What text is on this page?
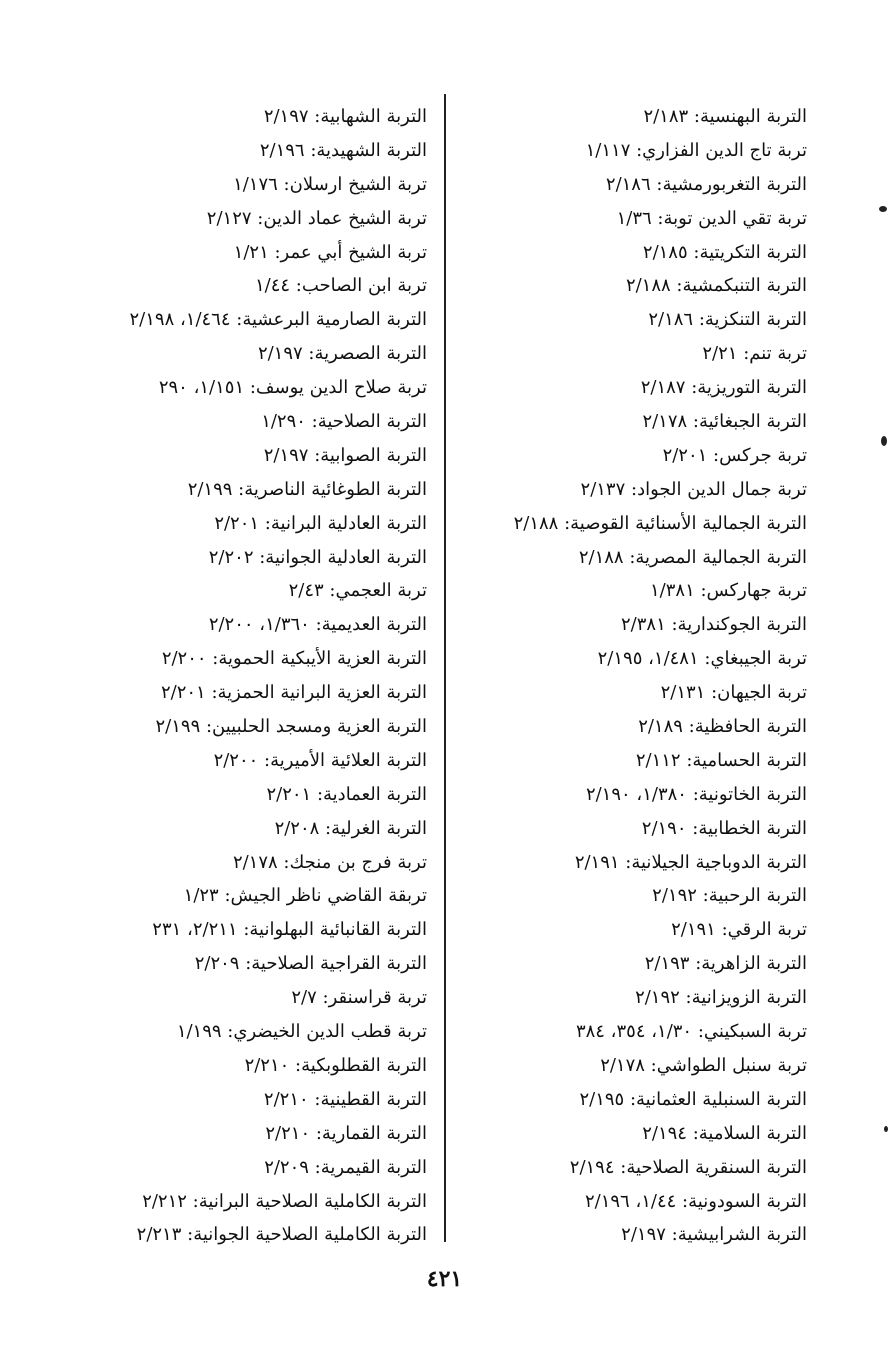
التربة البهنسية: ٢/١٨٣
تربة تاج الدين الفزاري: ١/١١٧
التربة التغربورمشية: ٢/١٨٦
تربة تقي الدين توبة: ١/٣٦
التربة التكريتية: ٢/١٨٥
التربة التنبكمشية: ٢/١٨٨
التربة التنكزية: ٢/١٨٦
تربة تنم: ٢/٢١
التربة التوريزية: ٢/١٨٧
التربة الجبغائية: ٢/١٧٨
تربة جركس: ٢/٢٠١
تربة جمال الدين الجواد: ٢/١٣٧
التربة الجمالية الأسنائية القوصية: ٢/١٨٨
التربة الجمالية المصرية: ٢/١٨٨
تربة جهاركس: ١/٣٨١
التربة الجوكندارية: ٢/٣٨١
تربة الجيبغاي: ١/٤٨١، ٢/١٩٥
تربة الجيهان: ٢/١٣١
التربة الحافظية: ٢/١٨٩
التربة الحسامية: ٢/١١٢
التربة الخاتونية: ١/٣٨٠، ٢/١٩٠
التربة الخطابية: ٢/١٩٠
التربة الدوباجية الجيلانية: ٢/١٩١
التربة الرحبية: ٢/١٩٢
تربة الرقي: ٢/١٩١
التربة الزاهرية: ٢/١٩٣
التربة الزويزانية: ٢/١٩٢
تربة السبكيني: ١/٣٠، ٣٥٤، ٣٨٤
تربة سنبل الطواشي: ٢/١٧٨
التربة السنبلية العثمانية: ٢/١٩٥
التربة السلامية: ٢/١٩٤
التربة السنقرية الصلاحية: ٢/١٩٤
التربة السودونية: ١/٤٤، ٢/١٩٦
التربة الشرابيشية: ٢/١٩٧
التربة الشهابية: ٢/١٩٧
التربة الشهيدية: ٢/١٩٦
تربة الشيخ ارسلان: ١/١٧٦
تربة الشيخ عماد الدين: ٢/١٢٧
تربة الشيخ أبي عمر: ١/٢١
تربة ابن الصاحب: ١/٤٤
التربة الصارمية البرعشية: ١/٤٦٤، ٢/١٩٨
التربة الصصرية: ٢/١٩٧
تربة صلاح الدين يوسف: ١/١٥١، ٢٩٠
التربة الصلاحية: ١/٢٩٠
التربة الصوابية: ٢/١٩٧
التربة الطوغائية الناصرية: ٢/١٩٩
التربة العادلية البرانية: ٢/٢٠١
التربة العادلية الجوانية: ٢/٢٠٢
تربة العجمي: ٢/٤٣
التربة العديمية: ١/٣٦٠، ٢/٢٠٠
التربة العزية الأيبكية الحموية: ٢/٢٠٠
التربة العزية البرانية الحمزية: ٢/٢٠١
التربة العزية ومسجد الحلبيين: ٢/١٩٩
التربة العلائية الأميرية: ٢/٢٠٠
التربة العمادية: ٢/٢٠١
التربة الغرلية: ٢/٢٠٨
تربة فرج بن منجك: ٢/١٧٨
تربقة القاضي ناظر الجيش: ١/٢٣
التربة القانبائية البهلوانية: ٢/٢١١، ٢٣١
التربة القراجية الصلاحية: ٢/٢٠٩
تربة قراسنقر: ٢/٧
تربة قطب الدين الخيضري: ١/١٩٩
التربة القطلوبكية: ٢/٢١٠
التربة القطينية: ٢/٢١٠
التربة القمارية: ٢/٢١٠
التربة القيمرية: ٢/٢٠٩
التربة الكاملية الصلاحية البرانية: ٢/٢١٢
التربة الكاملية الصلاحية الجوانية: ٢/٢١٣
٤٢١
